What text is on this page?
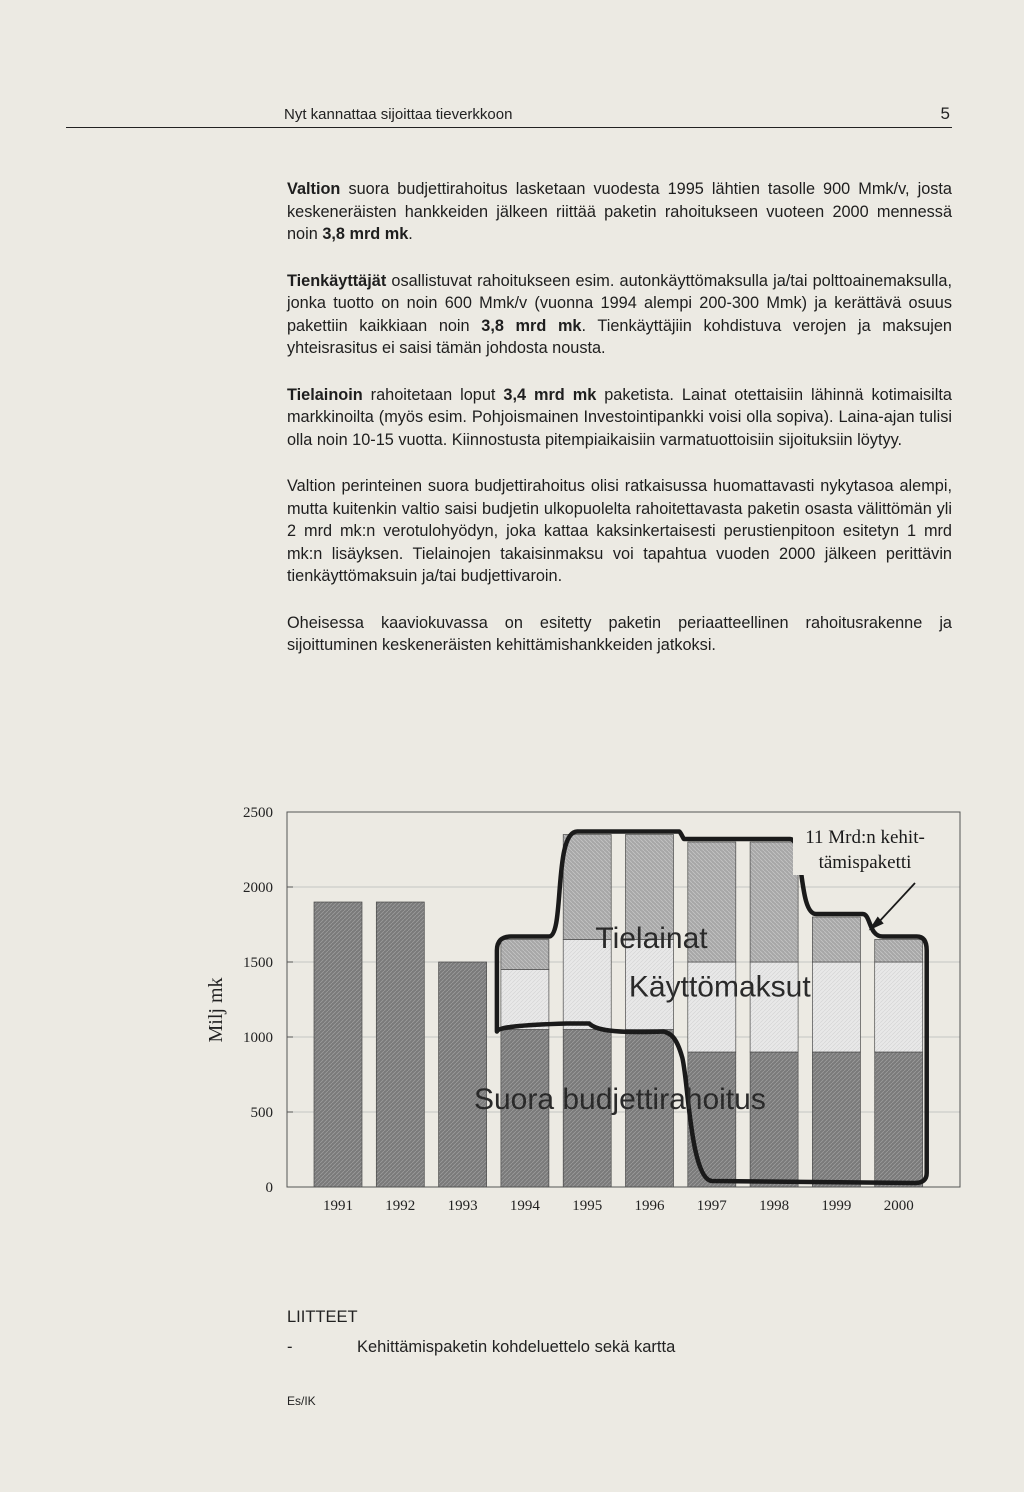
Nyt kannattaa sijoittaa tieverkkoon	5

Valtion suora budjettirahoitus lasketaan vuodesta 1995 lähtien tasolle 900 Mmk/v, josta keskeneräisten hankkeiden jälkeen riittää paketin rahoitukseen vuoteen 2000 mennessä noin 3,8 mrd mk.

Tienkäyttäjät osallistuvat rahoitukseen esim. autonkäyttömaksulla ja/tai polttoainemaksulla, jonka tuotto on noin 600 Mmk/v (vuonna 1994 alempi 200-300 Mmk) ja kerättävä osuus pakettiin kaikkiaan noin 3,8 mrd mk. Tienkäyttäjiin kohdistuva verojen ja maksujen yhteisrasitus ei saisi tämän johdosta nousta.

Tielainoin rahoitetaan loput 3,4 mrd mk paketista. Lainat otettaisiin lähinnä kotimaisilta markkinoilta (myös esim. Pohjoismainen Investointipankki voisi olla sopiva). Laina-ajan tulisi olla noin 10-15 vuotta. Kiinnostusta pitempiaikaisiin varmatuottoisiin sijoituksiin löytyy.

Valtion perinteinen suora budjettirahoitus olisi ratkaisussa huomattavasti nykytasoa alempi, mutta kuitenkin valtio saisi budjetin ulkopuolelta rahoitettavasta paketin osasta välittömän yli 2 mrd mk:n verotulohyödyn, joka kattaa kaksinkertaisesti perustienpitoon esitetyn 1 mrd mk:n lisäyksen. Tielainojen takaisinmaksu voi tapahtua vuoden 2000 jälkeen perittävin tienkäyttömaksuin ja/tai budjettivaroin.

Oheisessa kaaviokuvassa on esitetty paketin periaatteellinen rahoitusrakenne ja sijoittuminen keskeneräisten kehittämishankkeiden jatkoksi.

0
500
1000
1500
2000
2500
1991 1992 1993 1994 1995 1996 1997 1998 1999 2000
Tielainat
Käyttömaksut
Suora budjettirahoitus
11 Mrd:n kehit-
tämispaketti
Milj mk
LIITTEET
-	Kehittämispaketin kohdeluettelo sekä kartta
Es/IK
